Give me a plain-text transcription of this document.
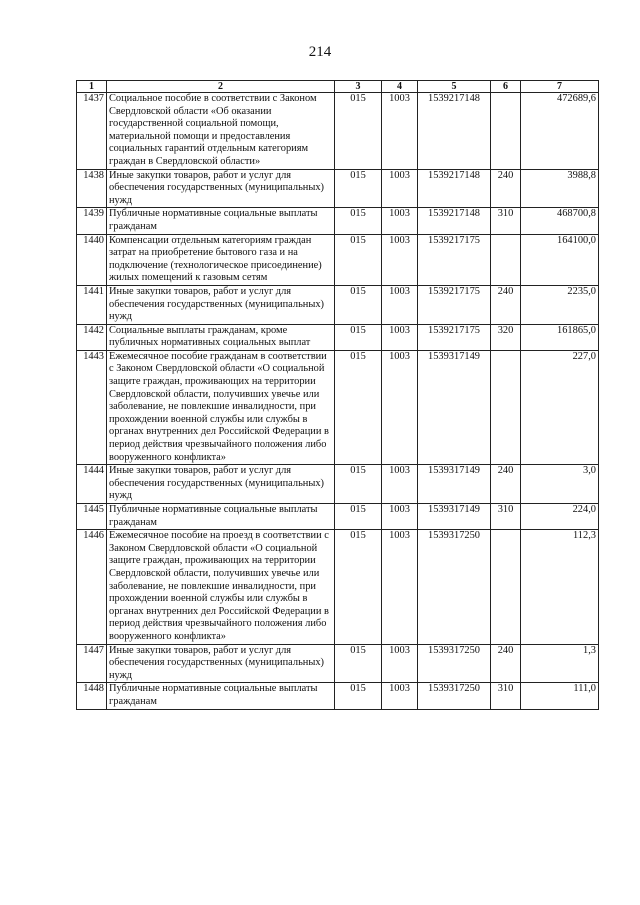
214
1	2	3	4	5	6	7
1437	Социальное пособие в соответствии с Законом Свердловской области «Об оказании государственной социальной помощи, материальной помощи и предоставления социальных гарантий отдельным категориям граждан в Свердловской области»	015	1003	1539217148		472689,6
1438	Иные закупки товаров, работ и услуг для обеспечения государственных (муниципальных) нужд	015	1003	1539217148	240	3988,8
1439	Публичные нормативные социальные выплаты гражданам	015	1003	1539217148	310	468700,8
1440	Компенсации отдельным категориям граждан затрат на приобретение бытового газа и на подключение (технологическое присоединение) жилых помещений к газовым сетям	015	1003	1539217175		164100,0
1441	Иные закупки товаров, работ и услуг для обеспечения государственных (муниципальных) нужд	015	1003	1539217175	240	2235,0
1442	Социальные выплаты гражданам, кроме публичных нормативных социальных выплат	015	1003	1539217175	320	161865,0
1443	Ежемесячное пособие гражданам в соответствии с Законом Свердловской области «О социальной защите граждан, проживающих на территории Свердловской области, получивших увечье или заболевание, не повлекшие инвалидности, при прохождении военной службы или службы в органах внутренних дел Российской Федерации в период действия чрезвычайного положения либо вооруженного конфликта»	015	1003	1539317149		227,0
1444	Иные закупки товаров, работ и услуг для обеспечения государственных (муниципальных) нужд	015	1003	1539317149	240	3,0
1445	Публичные нормативные социальные выплаты гражданам	015	1003	1539317149	310	224,0
1446	Ежемесячное пособие на проезд в соответствии с Законом Свердловской области «О социальной защите граждан, проживающих на территории Свердловской области, получивших увечье или заболевание, не повлекшие инвалидности, при прохождении военной службы или службы в органах внутренних дел Российской Федерации в период действия чрезвычайного положения либо вооруженного конфликта»	015	1003	1539317250		112,3
1447	Иные закупки товаров, работ и услуг для обеспечения государственных (муниципальных) нужд	015	1003	1539317250	240	1,3
1448	Публичные нормативные социальные выплаты гражданам	015	1003	1539317250	310	111,0
